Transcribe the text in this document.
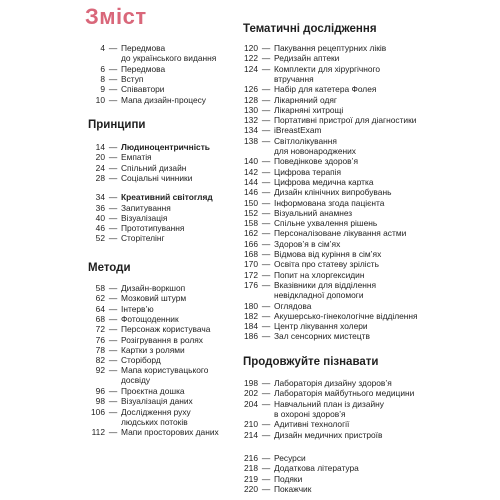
Зміст
Принципи
Методи
4 — Передмова
до українського видання
6 — Передмова
8 — Вступ
9 — Співавтори
10 — Мапа дизайн-процесу
14 — Людиноцентричність
20 — Емпатія
24 — Спільний дизайн
28 — Соціальні чинники
34 — Креативний світогляд
36 — Запитування
40 — Візуалізація
46 — Прототипування
52 — Сторітелінг
58 — Дизайн-воркшоп
62 — Мозковий штурм
64 — Інтерв’ю
68 — Фотощоденник
72 — Персонаж користувача
76 — Розігрування в ролях
78 — Картки з ролями
82 — Сторіборд
92 — Мапа користувацького
досвіду
96 — Проєктна дошка
98 — Візуалізація даних
106 — Дослідження руху
людських потоків
112 — Мапи просторових даних
Тематичні дослідження
Продовжуйте пізнавати
120 — Пакування рецептурних ліків
122 — Редизайн аптеки
124 — Комплекти для хірургічного
втручання
126 — Набір для катетера Фолея
128 — Лікарняний одяг
130 — Лікарняні хитрощі
132 — Портативні пристрої для діагностики
134 — iBreastExam
138 — Світлолікування
для новонароджених
140 — Поведінкове здоров’я
142 — Цифрова терапія
144 — Цифрова медична картка
146 — Дизайн клінічних випробувань
150 — Інформована згода пацієнта
152 — Візуальний анамнез
158 — Спільне ухвалення рішень
162 — Персоналізоване лікування астми
166 — Здоров’я в сім’ях
168 — Відмова від куріння в сім’ях
170 — Освіта про статеву зрілість
172 — Попит на хлоргексидин
176 — Вказівники для відділення
невідкладної допомоги
180 — Оглядова
182 — Акушерсько-гінекологічне відділення
184 — Центр лікування холери
186 — Зал сенсорних мистецтв
198 — Лабораторія дизайну здоров’я
202 — Лабораторія майбутнього медицини
204 — Навчальний план із дизайну
в охороні здоров’я
210 — Адитивні технології
214 — Дизайн медичних пристроїв
216 — Ресурси
218 — Додаткова література
219 — Подяки
220 — Покажчик
